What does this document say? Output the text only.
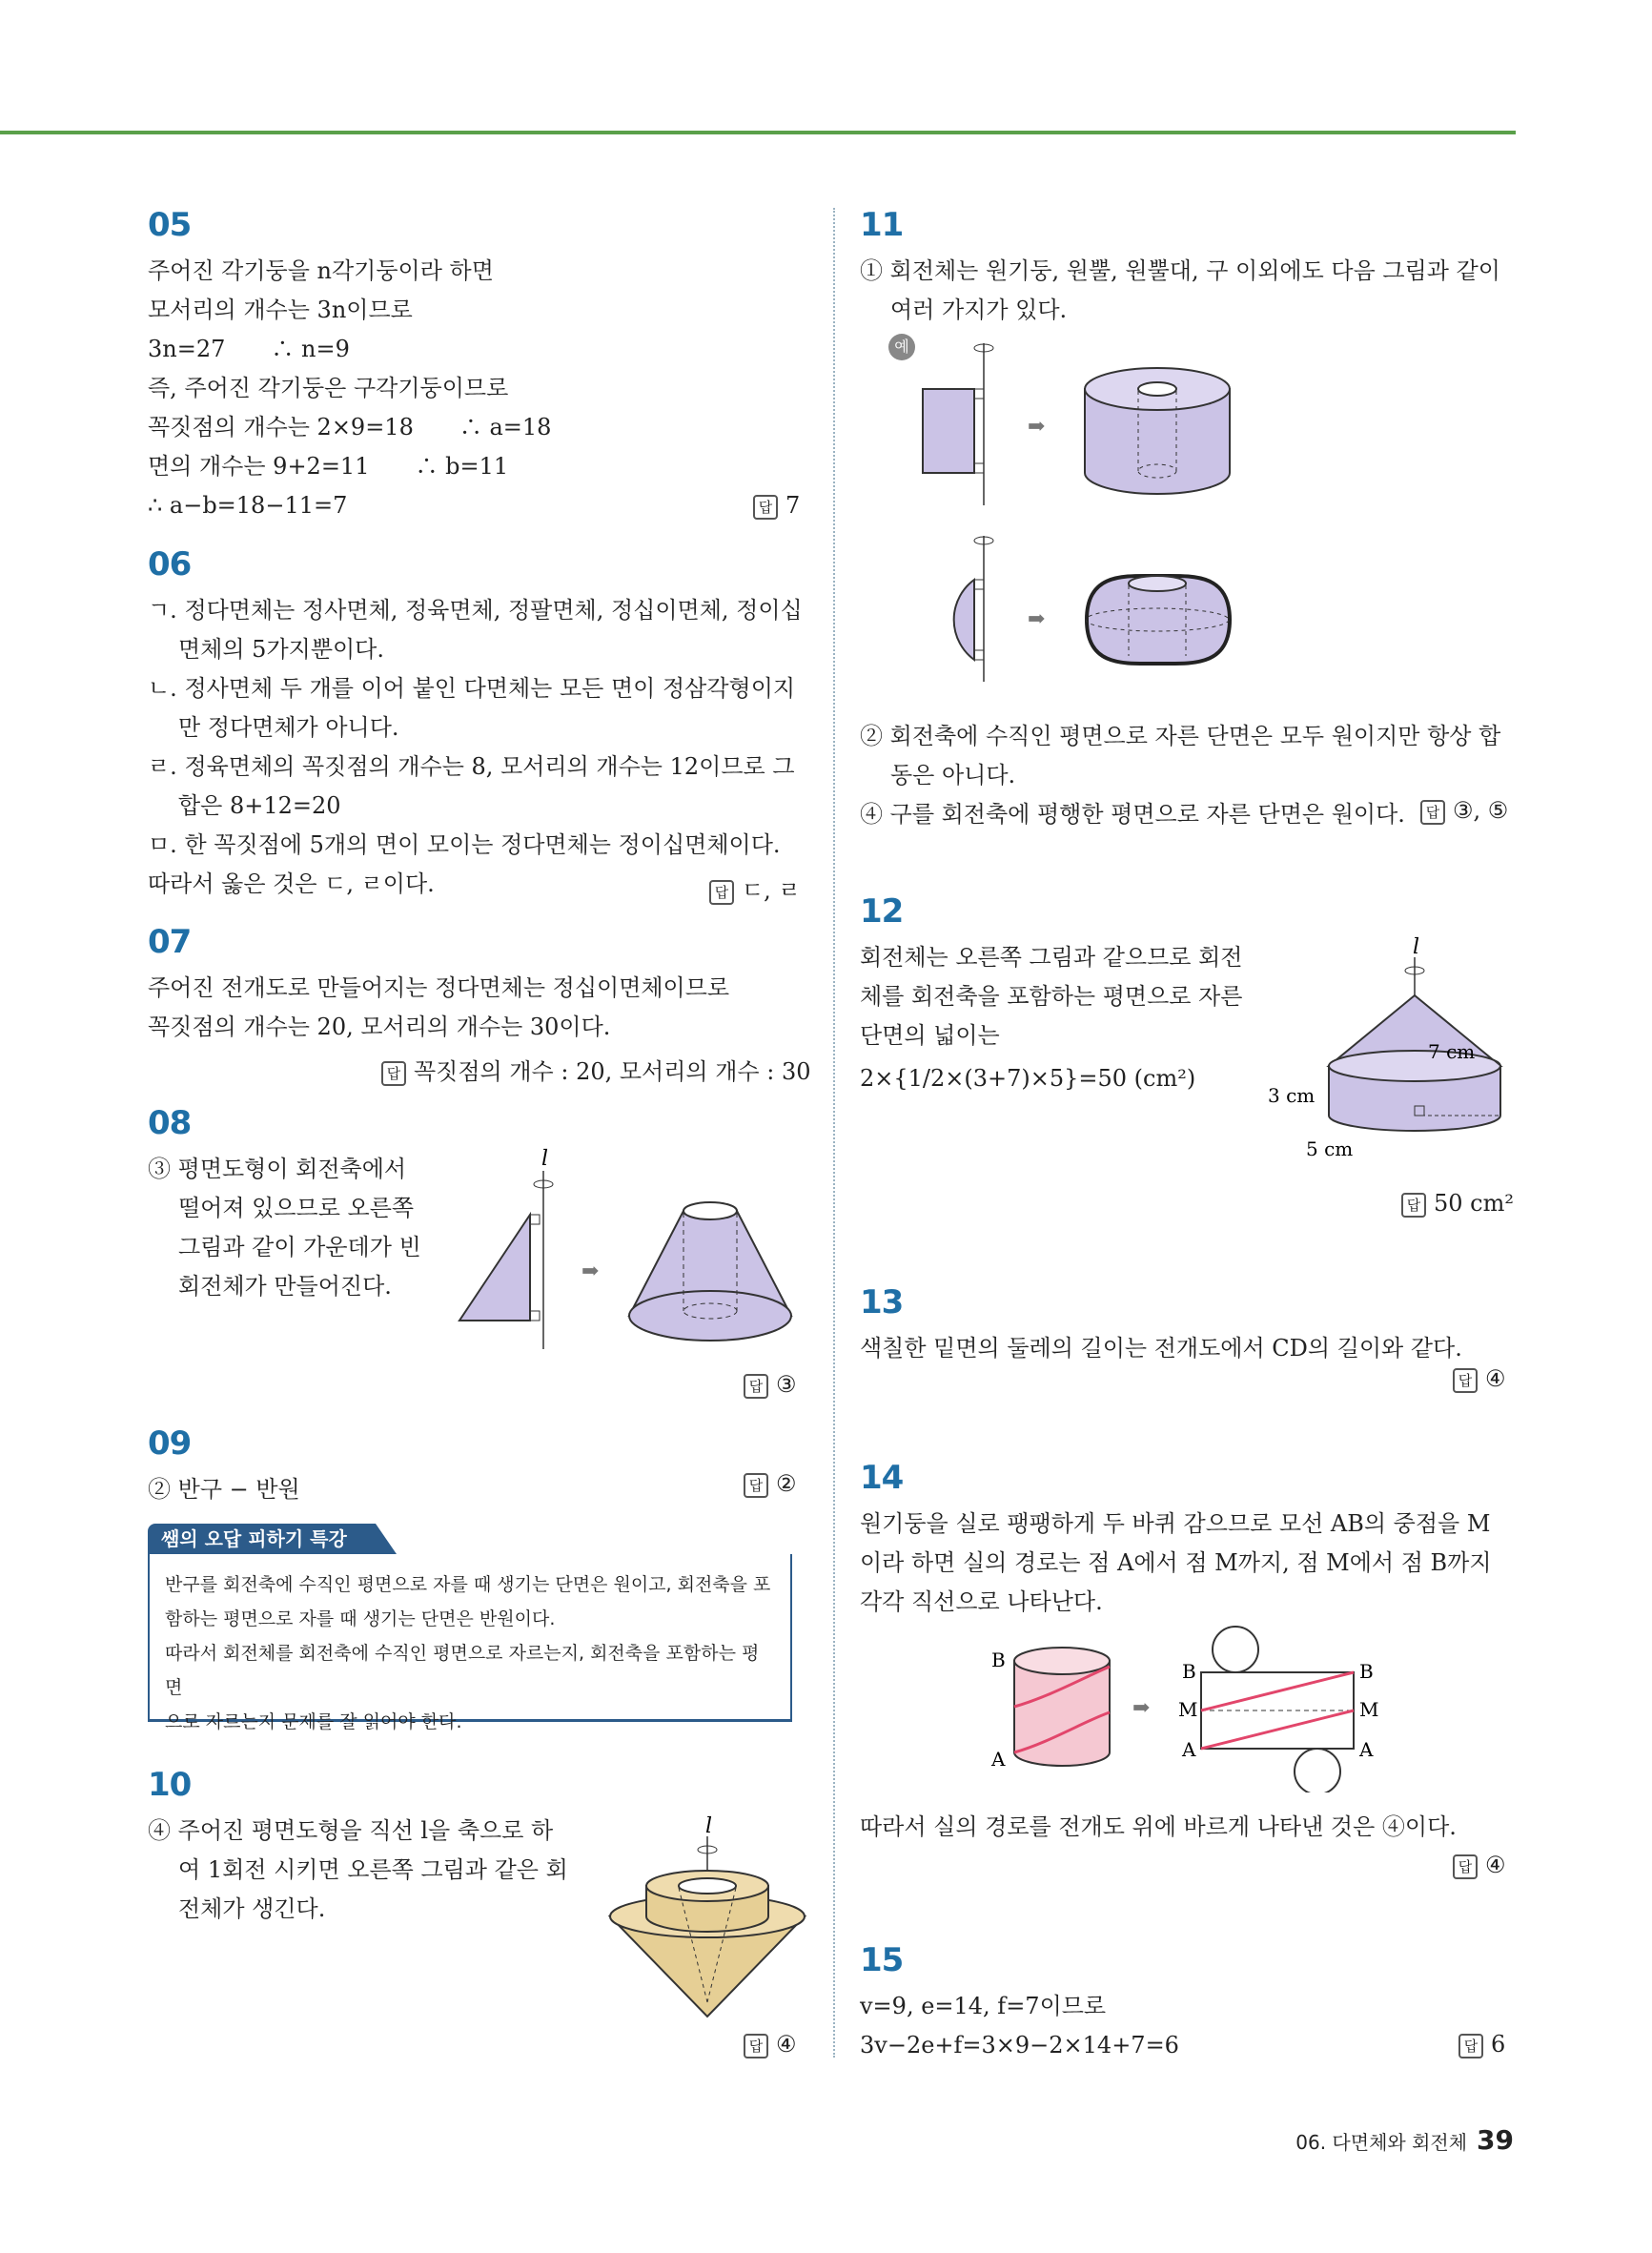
05
주어진 각기둥을 n각기둥이라 하면
모서리의 개수는 3n이므로
3n=27　　∴ n=9
즉, 주어진 각기둥은 구각기둥이므로
꼭짓점의 개수는 2×9=18　　∴ a=18
면의 개수는 9+2=11　　∴ b=11
∴ a−b=18−11=7	답 7
06
ㄱ. 정다면체는 정사면체, 정육면체, 정팔면체, 정십이면체, 정이십
면체의 5가지뿐이다.
ㄴ. 정사면체 두 개를 이어 붙인 다면체는 모든 면이 정삼각형이지
만 정다면체가 아니다.
ㄹ. 정육면체의 꼭짓점의 개수는 8, 모서리의 개수는 12이므로 그
합은 8+12=20
ㅁ. 한 꼭짓점에 5개의 면이 모이는 정다면체는 정이십면체이다.
따라서 옳은 것은 ㄷ, ㄹ이다.	답 ㄷ, ㄹ
07
주어진 전개도로 만들어지는 정다면체는 정십이면체이므로
꼭짓점의 개수는 20, 모서리의 개수는 30이다.
답 꼭짓점의 개수 : 20, 모서리의 개수 : 30
08
③ 평면도형이 회전축에서
떨어져 있으므로 오른쪽
그림과 같이 가운데가 빈
회전체가 만들어진다.
l
➡
답 ③
09
② 반구 − 반원	답 ②
쌤의 오답 피하기 특강
반구를 회전축에 수직인 평면으로 자를 때 생기는 단면은 원이고, 회전축을 포
함하는 평면으로 자를 때 생기는 단면은 반원이다.
따라서 회전체를 회전축에 수직인 평면으로 자르는지, 회전축을 포함하는 평면
으로 자르는지 문제를 잘 읽어야 한다.
10
④ 주어진 평면도형을 직선 l을 축으로 하
여 1회전 시키면 오른쪽 그림과 같은 회
전체가 생긴다.
l
답 ④
11
① 회전체는 원기둥, 원뿔, 원뿔대, 구 이외에도 다음 그림과 같이
여러 가지가 있다.
예
➡
➡
② 회전축에 수직인 평면으로 자른 단면은 모두 원이지만 항상 합
동은 아니다.
④ 구를 회전축에 평행한 평면으로 자른 단면은 원이다.	답 ③, ⑤
12
회전체는 오른쪽 그림과 같으므로 회전
체를 회전축을 포함하는 평면으로 자른
단면의 넓이는
2×{1/2×(3+7)×5}=50 (cm²)
l
7 cm
3 cm
5 cm
답 50 cm²
13
색칠한 밑면의 둘레의 길이는 전개도에서 CD의 길이와 같다.
답 ④
14
원기둥을 실로 팽팽하게 두 바퀴 감으므로 모선 AB의 중점을 M
이라 하면 실의 경로는 점 A에서 점 M까지, 점 M에서 점 B까지
각각 직선으로 나타난다.
B
A
➡
B
M
A
B
M
A
따라서 실의 경로를 전개도 위에 바르게 나타낸 것은 ④이다.
답 ④
15
v=9, e=14, f=7이므로
3v−2e+f=3×9−2×14+7=6	답 6
06. 다면체와 회전체 39
